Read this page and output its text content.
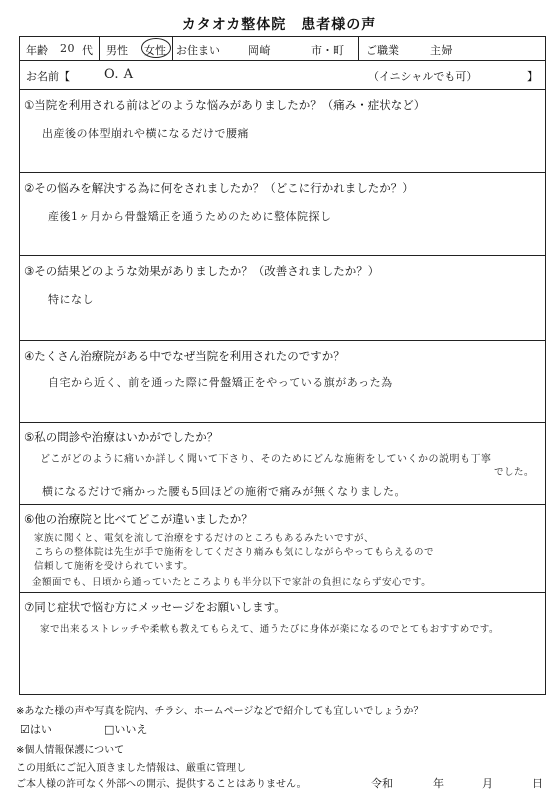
カタオカ整体院　患者様の声
年齢 20 代 男性 女性 お住まい	岡崎	市・町 ご職業	主婦
お名前【	O. A	（イニシャルでも可）	】
①当院を利用される前はどのような悩みがありましたか？（痛み・症状など）
出産後の体型崩れや横になるだけで腰痛
②その悩みを解決する為に何をされましたか？（どこに行かれましたか？）
産後1ヶ月から骨盤矯正を通うためのために整体院探し
③その結果どのような効果がありましたか？（改善されましたか？）
特になし
④たくさん治療院がある中でなぜ当院を利用されたのですか？
自宅から近く、前を通った際に骨盤矯正をやっている旗があった為
⑤私の問診や治療はいかがでしたか？
どこがどのように痛いか詳しく聞いて下さり、そのためにどんな施術をしていくかの説明も丁寧
でした。
横になるだけで痛かった腰も5回ほどの施術で痛みが無くなりました。
⑥他の治療院と比べてどこが違いましたか？
家族に聞くと、電気を流して治療をするだけのところもあるみたいですが、
こちらの整体院は先生が手で施術をしてくださり痛みも気にしながらやってもらえるので
信頼して施術を受けられています。
金額面でも、日頃から通っていたところよりも半分以下で家計の負担にならず安心です。
⑦同じ症状で悩む方にメッセージをお願いします。
家で出来るストレッチや柔軟も教えてもらえて、通うたびに身体が楽になるのでとてもおすすめです。
※あなた様の声や写真を院内、チラシ、ホームページなどで紹介しても宜しいでしょうか？
☑はい	□いいえ
※個人情報保護について
この用紙にご記入頂きました情報は、厳重に管理し
ご本人様の許可なく外部への開示、提供することはありません。	令和	年	月	日
